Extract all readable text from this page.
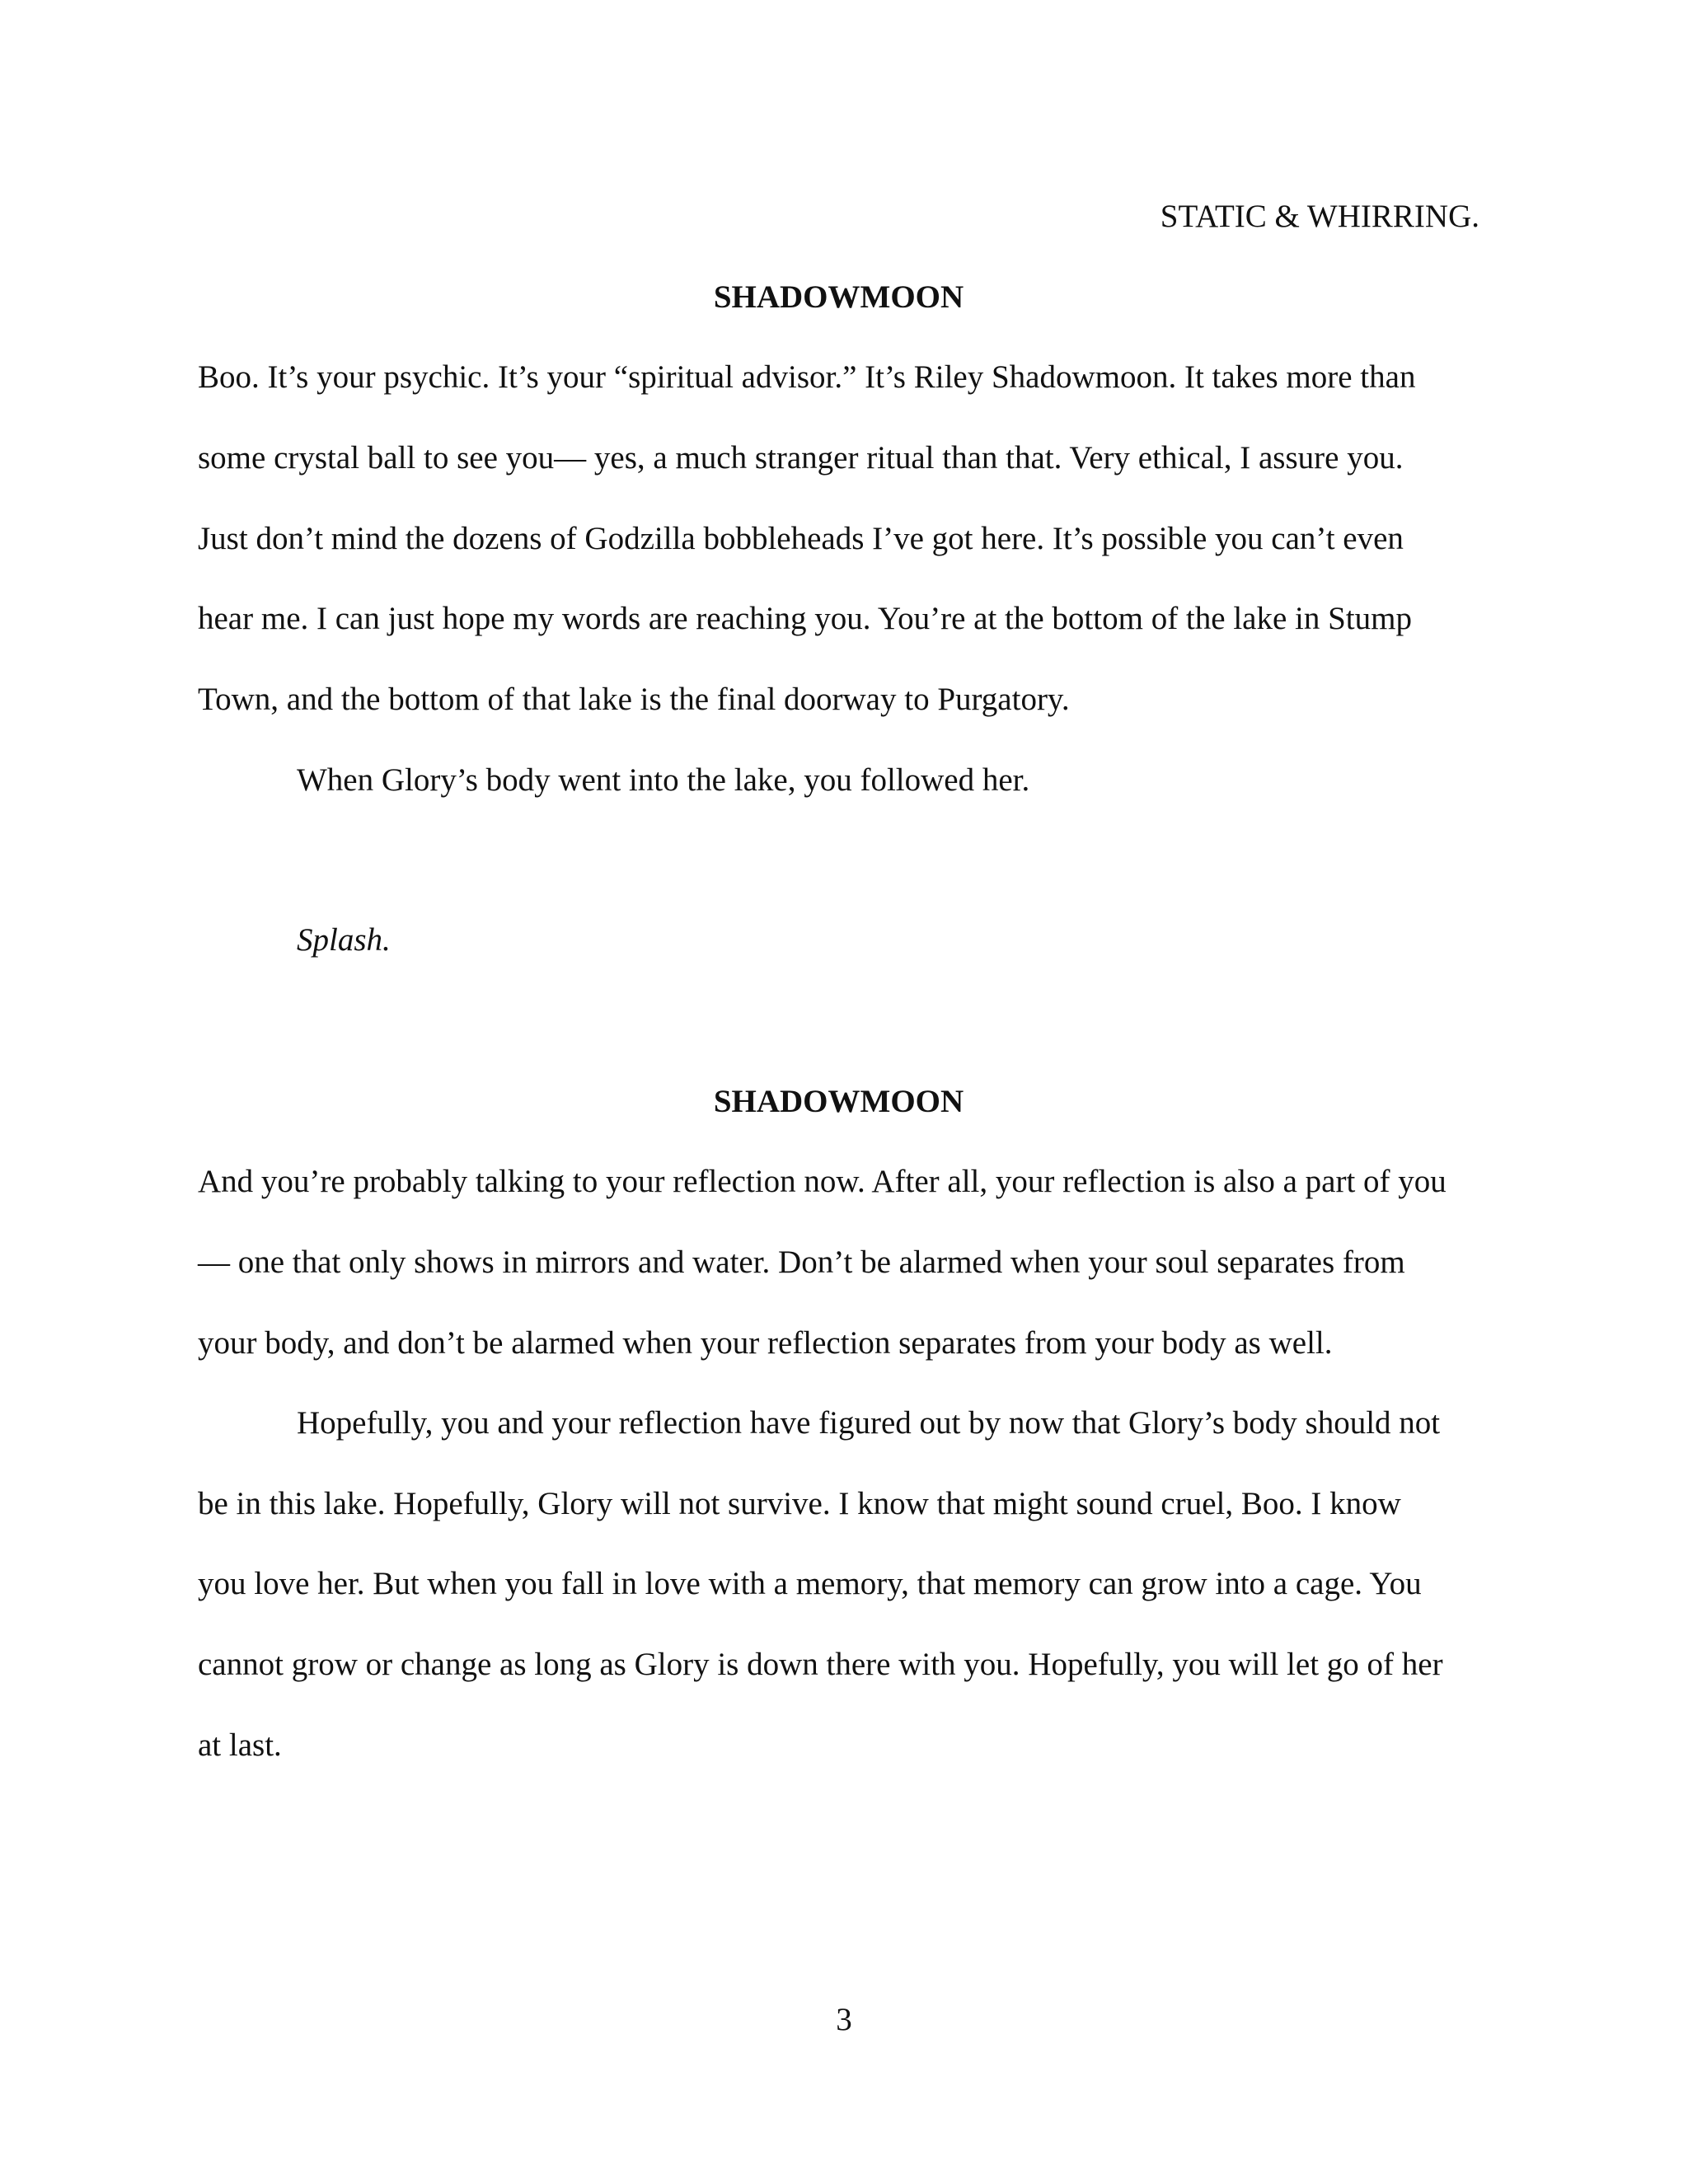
STATIC & WHIRRING.
SHADOWMOON
Boo. It’s your psychic. It’s your “spiritual advisor.” It’s Riley Shadowmoon. It takes more than
some crystal ball to see you— yes, a much stranger ritual than that. Very ethical, I assure you.
Just don’t mind the dozens of Godzilla bobbleheads I’ve got here. It’s possible you can’t even
hear me. I can just hope my words are reaching you. You’re at the bottom of the lake in Stump
Town, and the bottom of that lake is the final doorway to Purgatory.
When Glory’s body went into the lake, you followed her.
Splash.
SHADOWMOON
And you’re probably talking to your reflection now. After all, your reflection is also a part of you
— one that only shows in mirrors and water. Don’t be alarmed when your soul separates from
your body, and don’t be alarmed when your reflection separates from your body as well.
Hopefully, you and your reflection have figured out by now that Glory’s body should not
be in this lake. Hopefully, Glory will not survive. I know that might sound cruel, Boo. I know
you love her. But when you fall in love with a memory, that memory can grow into a cage. You
cannot grow or change as long as Glory is down there with you. Hopefully, you will let go of her
at last.
3
